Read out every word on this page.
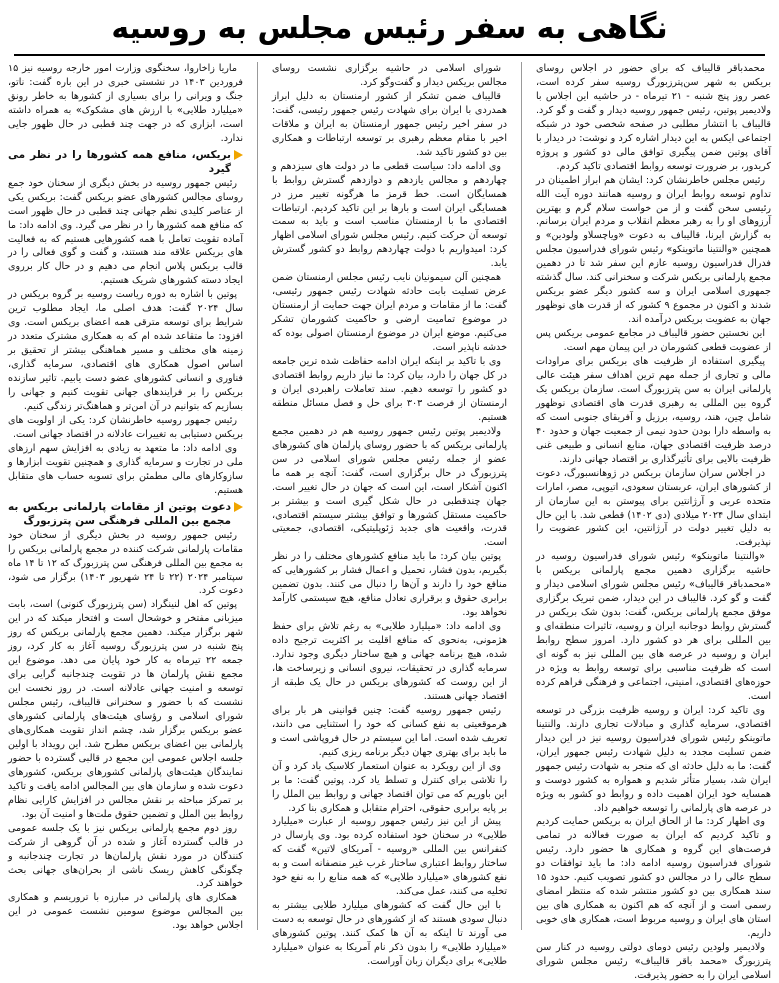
نگاهی به سفر رئیس مجلس به روسیه

محمدباقر قالیباف که برای حضور در اجلاس روسای بریکس به شهر سن‌پترزبورگ روسیه سفر کرده است، عصر روز پنج شنبه - ۲۱ تیرماه - در حاشیه این اجلاس با ولادیمیر پوتین، رئیس جمهور روسیه دیدار و گفت و گو کرد. قالیباف با انتشار مطلبی در صفحه شخصی خود در شبکه اجتماعی ایکس به این دیدار اشاره کرد و نوشت: در دیدار با آقای پوتین ضمن پیگیری توافق مالی دو کشور و پروژه کریدور، بر ضرورت توسعه روابط اقتصادی تاکید کردم.

رئیس مجلس خاطرنشان کرد: ایشان هم ابراز اطمینان در تداوم توسعه روابط ایران و روسیه همانند دوره آیت الله رئیسی سخن گفت و از من خواست سلام گرم و بهترین آرزوهای او را به رهبر معظم انقلاب و مردم ایران برسانم. به گزارش ایرنا، قالیباف به دعوت «ویاچسلاو ولودین» و همچنین «والنتینا ماتوینکو» رئیس شورای فدراسیون مجلس فدرال فدراسیون روسیه عازم این سفر شد تا در دهمین مجمع پارلمانی بریکس شرکت و سخنرانی کند. سال گذشته جمهوری اسلامی ایران و سه کشور دیگر عضو بریکس شدند و اکنون در مجموع ۹ کشور که از قدرت های نوظهور جهان به عضویت بریکس درآمده اند.

این نخستین حضور قالیباف در مجامع عمومی بریکس پس از عضویت قطعی کشورمان در این پیمان مهم است.

پیگیری استفاده از ظرفیت های بریکس برای مراودات مالی و تجاری از جمله مهم ترین اهداف سفر هیئت عالی پارلمانی ایران به سن پترزبورگ است. سازمان بریکس یک گروه بین المللی به رهبری قدرت های اقتصادی نوظهور شامل چین، هند، روسیه، برزیل و آفریقای جنوبی است که به واسطه دارا بودن حدود نیمی از جمعیت جهان و حدود ۴۰ درصد ظرفیت اقتصادی جهان، منابع انسانی و طبیعی غنی ظرفیت بالایی برای تأثیرگذاری بر اقتصاد جهانی دارند.

در اجلاس سران سازمان بریکس در ژوهانسبورگ، دعوت از کشورهای ایران، عربستان سعودی، اتیوپی، مصر، امارات متحده عربی و آرژانتین برای پیوستن به این سازمان از ابتدای سال ۲۰۲۴ میلادی (دی ۱۴۰۲) قطعی شد. با این حال به دلیل تغییر دولت در آرژانتین، این کشور عضویت را نپذیرفت.

«والنتینا ماتوینکو» رئیس شورای فدراسیون روسیه در حاشیه برگزاری دهمین مجمع پارلمانی بریکس با «محمدباقر قالیباف» رئیس مجلس شورای اسلامی دیدار و گفت و گو کرد. قالیباف در این دیدار، ضمن تبریک برگزاری موفق مجمع پارلمانی بریکس، گفت: بدون شک بریکس در گسترش روابط دوجانبه ایران و روسیه، تاثیرات منطقه‌ای و بین المللی برای هر دو کشور دارد. امروز سطح روابط ایران و روسیه در عرصه های بین المللی نیز به گونه ای است که ظرفیت مناسبی برای توسعه روابط به ویژه در حوزه‌های اقتصادی، امنیتی، اجتماعی و فرهنگی فراهم کرده است.

وی تاکید کرد: ایران و روسیه ظرفیت بزرگی در توسعه اقتصادی، سرمایه گذاری و مبادلات تجاری دارند. والنتینا ماتوینکو رئیس شورای فدراسیون روسیه نیز در این دیدار ضمن تسلیت مجدد به دلیل شهادت رئیس جمهور ایران، گفت: ما به دلیل حادثه ای که منجر به شهادت رئیس جمهور ایران شد، بسیار متأثر شدیم و همواره به کشور دوست و همسایه خود ایران اهمیت داده و روابط دو کشور به ویژه در عرصه های پارلمانی را توسعه خواهیم داد.

وی اظهار کرد: ما از الحاق ایران به بریکس حمایت کردیم و تاکید کردیم که ایران به صورت فعالانه در تمامی فرصت‌های این گروه و همکاری ها حضور دارد. رئیس شورای فدراسیون روسیه ادامه داد: ما باید توافقات دو سطح عالی را در مجالس دو کشور تصویب کنیم. حدود ۱۵ سند همکاری بین دو کشور منتشر شده که منتظر امضای رسمی است و از آنچه که هم اکنون به همکاری های بین استان های ایران و روسیه مربوط است، همکاری های خوبی داریم.

ولادیمیر ولودین رئیس دومای دولتی روسیه در کنار سن پترزبورگ «محمد باقر قالیباف» رئیس مجلس شورای اسلامی ایران را به حضور پذیرفت.

شورای اسلامی در حاشیه برگزاری نشست روسای مجالس بریکس دیدار و گفت‌وگو کرد.

قالیباف ضمن تشکر از کشور ارمنستان به دلیل ابراز همدردی با ایران برای شهادت رئیس جمهور رئیسی، گفت: در سفر اخیر رئیس جمهور ارمنستان به ایران و ملاقات اخیر با مقام معظم رهبری بر توسعه ارتباطات و همکاری بین دو کشور تاکید شد.

وی ادامه داد: سیاست قطعی ما در دولت های سیزدهم و چهاردهم و مجالس یازدهم و دوازدهم گسترش روابط با همسایگان است. خط قرمز ما هرگونه تغییر مرز در همسایگی ایران است و بارها بر این تاکید کردیم. ارتباطات اقتصادی ما با ارمنستان مناسب است و باید به سمت توسعه آن حرکت کنیم. رئیس مجلس شورای اسلامی اظهار کرد: امیدواریم با دولت چهاردهم روابط دو کشور گسترش یابد.

همچنین آلن سیمونیان نایب رئیس مجلس ارمنستان ضمن عرض تسلیت بابت حادثه شهادت رئیس جمهور رئیسی، گفت: ما از مقامات و مردم ایران جهت حمایت از ارمنستان در موضوع تمامیت ارضی و حاکمیت کشورمان تشکر می‌کنیم. موضع ایران در موضوع ارمنستان اصولی بوده که خدشه ناپذیر است.

وی با تاکید بر اینکه ایران ادامه حفاظت شده ترین جامعه در کل جهان را دارد، بیان کرد: ما نیاز داریم روابط اقتصادی دو کشور را توسعه دهیم. سند تعاملات راهبردی ایران و ارمنستان از فرصت ۳۰۳ برای حل و فصل مسائل منطقه هستیم.

ولادیمیر پوتین رئیس جمهور روسیه هم در دهمین مجمع پارلمانی بریکس که با حضور روسای پارلمان های کشورهای عضو از جمله رئیس مجلس شورای اسلامی در سن پترزبورگ در حال برگزاری است، گفت: آنچه بر همه ما اکنون آشکار است، این است که جهان در حال تغییر است. جهان چندقطبی در حال شکل گیری است و بیشتر بر حاکمیت مستقل کشورها و توافق بیشتر سیستم اقتصادی، قدرت، واقعیت های جدید ژئوپلیتیکی، اقتصادی، جمعیتی است.

پوتین بیان کرد: ما باید منافع کشورهای مختلف را در نظر بگیریم، بدون فشار، تحمیل و اعمال فشار بر کشورهایی که منافع خود را دارند و آن‌ها را دنبال می کنند. بدون تضمین برابری حقوق و برقراری تعادل منافع، هیچ سیستمی کارآمد نخواهد بود.

وی ادامه داد: «میلیارد طلایی» به رغم تلاش برای حفظ هژمونی، به‌نحوی که منافع اقلیت بر اکثریت ترجیح داده شده، هیچ برنامه جهانی و هیچ ساختار دیگری وجود ندارد. سرمایه گذاری در تحقیقات، نیروی انسانی و زیرساخت ها، از این روست که کشورهای بریکس در حال یک طبقه از اقتصاد جهانی هستند.

رئیس جمهور روسیه گفت: چنین قوانینی هر بار برای هرموقعیتی به نفع کسانی که خود را استثنایی می دانند، تعریف شده است. اما این سیستم در حال فروپاشی است و ما باید برای بهتری جهان دیگر برنامه ریزی کنیم.

وی از این رویکرد به عنوان استعمار کلاسیک یاد کرد و آن را تلاشی برای کنترل و تسلط یاد کرد. پوتین گفت: ما بر این باوریم که می توان اقتصاد جهانی و روابط بین الملل را بر پایه برابری حقوقی، احترام متقابل و همکاری بنا کرد.

پیش از این نیز رئیس جمهور روسیه از عبارت «میلیارد طلایی» در سخنان خود استفاده کرده بود. وی پارسال در کنفرانس بین المللی «روسیه - آمریکای لاتین» گفت که ساختار روابط اعتباری ساختار غرب غیر منصفانه است و به نفع کشورهای «میلیارد طلایی» که همه منابع را به نفع خود تخلیه می کنند، عمل می‌کند.

با این حال گفت که کشورهای میلیارد طلایی بیشتر به دنبال سودی هستند که از کشورهای در حال توسعه به دست می آورند تا اینکه به آن ها کمک کنند. پوتین کشورهای «میلیارد طلایی» را بدون ذکر نام آمریکا به عنوان «میلیارد طلایی» برای دیگران زبان آوراست.

ماریا زاخاروا، سخنگوی وزارت امور خارجه روسیه نیز ۱۵ فروردین ۱۴۰۳ در نشستی خبری در این باره گفت: ناتو، جنگ و ویرانی را برای بسیاری از کشورها به خاطر رونق «میلیارد طلایی» با ارزش های مشکوک» به همراه داشته است، ابزاری که در جهت چند قطبی در حال ظهور جایی ندارد.

بریکس، منافع همه کشورها را در نظر می گیرد

رئیس جمهور روسیه در بخش دیگری از سخنان خود جمع روسای مجالس کشورهای عضو بریکس گفت: بریکس یکی از عناصر کلیدی نظم جهانی چند قطبی در حال ظهور است که منافع همه کشورها را در نظر می گیرد. وی ادامه داد: ما آماده تقویت تعامل با همه کشورهایی هستیم که به فعالیت های بریکس علاقه مند هستند، و گفت و گوی فعالی را در قالب بریکس پلاس انجام می دهیم و در حال کار برروی ایجاد دسته کشورهای شریک هستیم.

پوتین با اشاره به دوره ریاست روسیه بر گروه بریکس در سال ۲۰۲۴ گفت: هدف اصلی ما، ایجاد مطلوب ترین شرایط برای توسعه مترقی همه اعضای بریکس است. وی افزود: ما متقاعد شده ام که به همکاری مشترک متعدد در زمینه های مختلف و مسیر هماهنگی بیشتر از تحقیق بر اساس اصول همکاری های اقتصادی، سرمایه گذاری، فناوری و انسانی کشورهای عضو دست یابیم. تاثیر سازنده بریکس را بر فرایندهای جهانی تقویت کنیم و جهانی را بسازیم که بتوانیم در آن امن‌تر و هماهنگ‌تر زندگی کنیم.

رئیس جمهور روسیه خاطرنشان کرد: یکی از اولویت های بریکس دستیابی به تغییرات عادلانه در اقتصاد جهانی است.

وی ادامه داد: ما متعهد به زیادی به افزایش سهم ارزهای ملی در تجارت و سرمایه گذاری و همچنین تقویت ابزارها و سازوکارهای مالی مطمئن برای تسویه حساب های متقابل هستیم.

دعوت پوتین از مقامات پارلمانی بریکس به مجمع بین المللی فرهنگی سن پترزبورگ

رئیس جمهور روسیه در بخش دیگری از سخنان خود مقامات پارلمانی شرکت کننده در مجمع پارلمانی بریکس را به مجمع بین المللی فرهنگی سن پترزبورگ که ۱۲ تا ۱۴ ماه سپتامبر ۲۰۲۴ (۲۲ تا ۲۴ شهریور ۱۴۰۳) برگزار می شود، دعوت کرد.

پوتین که اهل لنینگراد (سن پترزبورگ کنونی) است، بابت میزبانی مفتخر و خوشحال است و افتخار میکند که در این شهر برگزار میکند. دهمین مجمع پارلمانی بریکس که روز پنج شنبه در سن پترزبورگ روسیه آغاز به کار کرد، روز جمعه ۲۲ تیرماه به کار خود پایان می دهد. موضوع این مجمع نقش پارلمان ها در تقویت چندجانبه گرایی برای توسعه و امنیت جهانی عادلانه است. در روز نخست این نشست که با حضور و سخنرانی قالیباف، رئیس مجلس شورای اسلامی و رؤسای هیئت‌های پارلمانی کشورهای عضو بریکس برگزار شد، چشم انداز تقویت همکاری‌های پارلمانی بین اعضای بریکس مطرح شد. این رویداد با اولین جلسه اجلاس عمومی این مجمع در قالبی گسترده با حضور نمایندگان هیئت‌های پارلمانی کشورهای بریکس، کشورهای دعوت شده و سازمان های بین المجالس ادامه یافت و تاکید بر تمرکز مباحثه بر نقش مجالس در افزایش کارایی نظام روابط بین الملل و تضمین حقوق ملت‌ها و امنیت آن بود.

روز دوم مجمع پارلمانی بریکس نیز با یک جلسه عمومی در قالب گسترده آغاز و شده در آن گروهی از شرکت کنندگان در مورد نقش پارلمان‌ها در تجارت چندجانبه و چگونگی کاهش ریسک ناشی از بحران‌های جهانی بحث خواهند کرد.

همکاری های پارلمانی در مبارزه با تروریسم و همکاری بین المجالس موضوع سومین نشست عمومی در این اجلاس خواهد بود.
